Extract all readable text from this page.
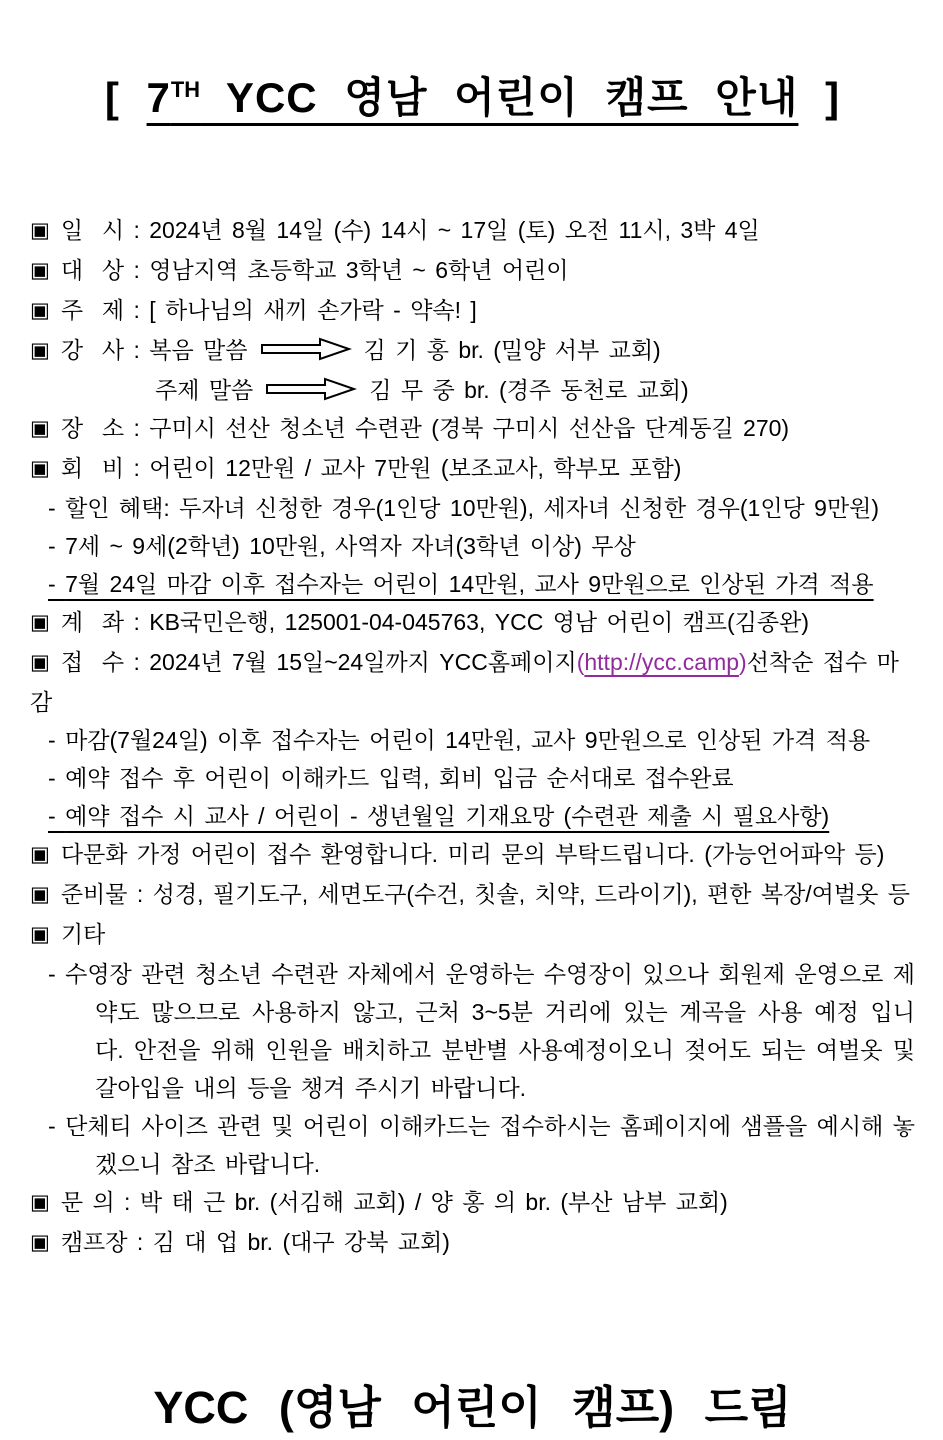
[ 7TH YCC 영남 어린이 캠프 안내 ]

▣ 일  시 : 2024년 8월 14일 (수) 14시 ~ 17일 (토) 오전 11시, 3박 4일

▣ 대  상 : 영남지역 초등학교 3학년 ~ 6학년 어린이

▣ 주  제 : [ 하나님의 새끼 손가락 - 약속! ]

▣ 강  사 : 복음 말씀	김 기 홍 br. (밀양 서부 교회)

주제 말씀	김 무 중 br. (경주 동천로 교회)

▣ 장  소 : 구미시 선산 청소년 수련관 (경북 구미시 선산읍 단계동길 270)

▣ 회  비 : 어린이 12만원 / 교사 7만원 (보조교사, 학부모 포함)

- 할인 혜택: 두자녀 신청한 경우(1인당 10만원), 세자녀 신청한 경우(1인당 9만원)

- 7세 ~ 9세(2학년) 10만원, 사역자 자녀(3학년 이상) 무상

- 7월 24일 마감 이후 접수자는 어린이 14만원, 교사 9만원으로 인상된 가격 적용

▣ 계  좌 : KB국민은행, 125001-04-045763, YCC 영남 어린이 캠프(김종완)

▣ 접  수 : 2024년 7월 15일~24일까지 YCC홈페이지(http://ycc.camp)선착순 접수 마감

- 마감(7월24일) 이후 접수자는 어린이 14만원, 교사 9만원으로 인상된 가격 적용

- 예약 접수 후 어린이 이해카드 입력, 회비 입금 순서대로 접수완료

- 예약 접수 시 교사 / 어린이 - 생년월일 기재요망 (수련관 제출 시 필요사항)

▣ 다문화 가정 어린이 접수 환영합니다. 미리 문의 부탁드립니다. (가능언어파악 등)

▣ 준비물 : 성경, 필기도구, 세면도구(수건, 칫솔, 치약, 드라이기), 편한 복장/여벌옷 등

▣ 기타

- 수영장 관련 청소년 수련관 자체에서 운영하는 수영장이 있으나 회원제 운영으로 제약도 많으므로 사용하지 않고, 근처 3~5분 거리에 있는 계곡을 사용 예정 입니다. 안전을 위해 인원을 배치하고 분반별 사용예정이오니 젖어도 되는 여벌옷 및 갈아입을 내의 등을 챙겨 주시기 바랍니다.

- 단체티 사이즈 관련 및 어린이 이해카드는 접수하시는 홈페이지에 샘플을 예시해 놓겠으니 참조 바랍니다.

▣ 문 의 : 박 태 근 br. (서김해 교회) / 양 홍 의 br. (부산 남부 교회)

▣ 캠프장 : 김 대 업 br. (대구 강북 교회)

YCC (영남 어린이 캠프) 드림
